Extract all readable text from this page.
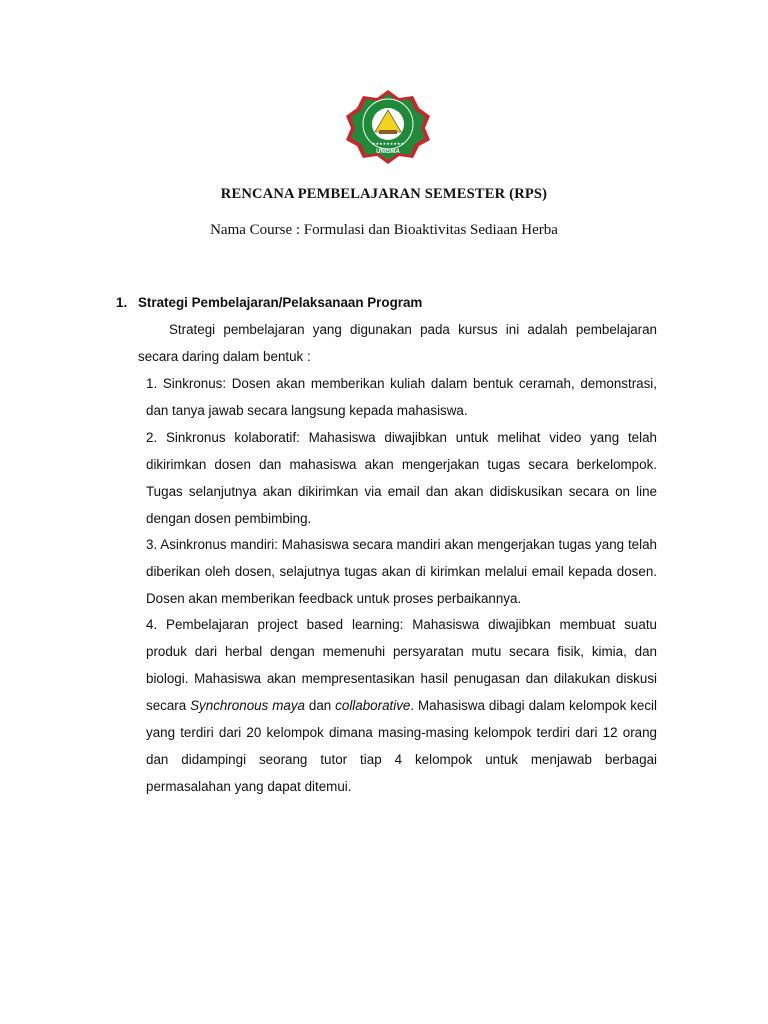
UNISMA
★★★★★★★★★
RENCANA PEMBELAJARAN SEMESTER (RPS)
Nama Course : Formulasi dan Bioaktivitas Sediaan Herba
1. Strategi Pembelajaran/Pelaksanaan Program
Strategi pembelajaran yang digunakan pada kursus ini adalah pembelajaran secara daring dalam bentuk :
1. Sinkronus: Dosen akan memberikan kuliah dalam bentuk ceramah, demonstrasi, dan tanya jawab secara langsung kepada mahasiswa.
2. Sinkronus kolaboratif: Mahasiswa diwajibkan untuk melihat video yang telah dikirimkan dosen dan mahasiswa akan mengerjakan tugas secara berkelompok. Tugas selanjutnya akan dikirimkan via email dan akan didiskusikan secara on line dengan dosen pembimbing.
3. Asinkronus mandiri: Mahasiswa secara mandiri akan mengerjakan tugas yang telah diberikan oleh dosen, selajutnya tugas akan di kirimkan melalui email kepada dosen. Dosen akan memberikan feedback untuk proses perbaikannya.
4. Pembelajaran project based learning: Mahasiswa diwajibkan membuat suatu produk dari herbal dengan memenuhi persyaratan mutu secara fisik, kimia, dan biologi. Mahasiswa akan mempresentasikan hasil penugasan dan dilakukan diskusi secara Synchronous maya dan collaborative. Mahasiswa dibagi dalam kelompok kecil yang terdiri dari 20 kelompok dimana masing-masing kelompok terdiri dari 12 orang dan didampingi seorang tutor tiap 4 kelompok untuk menjawab berbagai permasalahan yang dapat ditemui.
